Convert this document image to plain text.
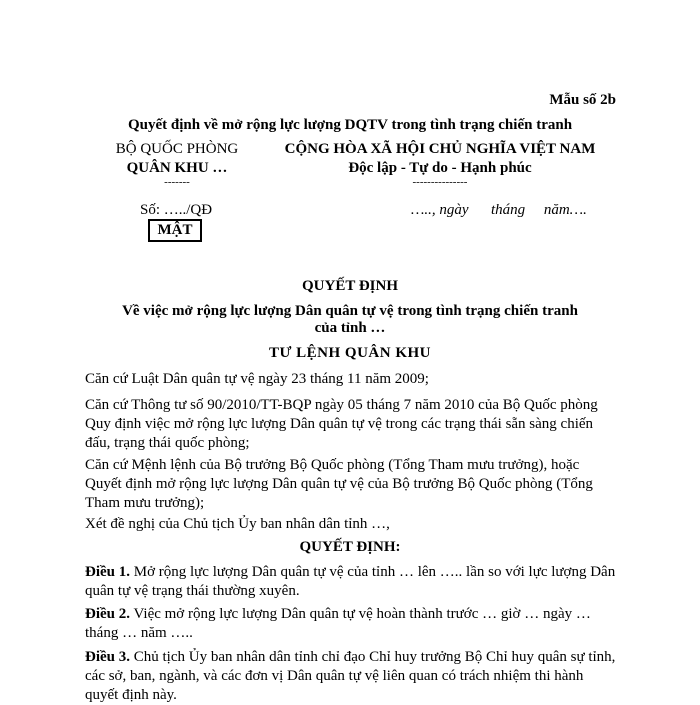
Mẫu số 2b
Quyết định về mở rộng lực lượng DQTV trong tình trạng chiến tranh
BỘ QUỐC PHÒNG
QUÂN KHU …
-------
CỘNG HÒA XÃ HỘI CHỦ NGHĨA VIỆT NAM
Độc lập - Tự do - Hạnh phúc
---------------
Số: …../QĐ	….., ngày      tháng     năm….
MẬT
QUYẾT ĐỊNH
Về việc mở rộng lực lượng Dân quân tự vệ trong tình trạng chiến tranh
của tỉnh …
TƯ LỆNH QUÂN KHU
Căn cứ Luật Dân quân tự vệ ngày 23 tháng 11 năm 2009;
Căn cứ Thông tư số 90/2010/TT-BQP ngày 05 tháng 7 năm 2010 của Bộ Quốc phòng Quy định việc mở rộng lực lượng Dân quân tự vệ trong các trạng thái sẵn sàng chiến đấu, trạng thái quốc phòng;
Căn cứ Mệnh lệnh của Bộ trưởng Bộ Quốc phòng (Tổng Tham mưu trưởng), hoặc Quyết định mở rộng lực lượng Dân quân tự vệ của Bộ trưởng Bộ Quốc phòng (Tổng Tham mưu trưởng);
Xét đề nghị của Chủ tịch Ủy ban nhân dân tỉnh …,
QUYẾT ĐỊNH:
Điều 1. Mở rộng lực lượng Dân quân tự vệ của tỉnh … lên ….. lần so với lực lượng Dân quân tự vệ trạng thái thường xuyên.
Điều 2. Việc mở rộng lực lượng Dân quân tự vệ hoàn thành trước … giờ … ngày … tháng … năm …..
Điều 3. Chủ tịch Ủy ban nhân dân tỉnh chỉ đạo Chỉ huy trưởng Bộ Chỉ huy quân sự tỉnh, các sở, ban, ngành, và các đơn vị Dân quân tự vệ liên quan có trách nhiệm thi hành quyết định này.
